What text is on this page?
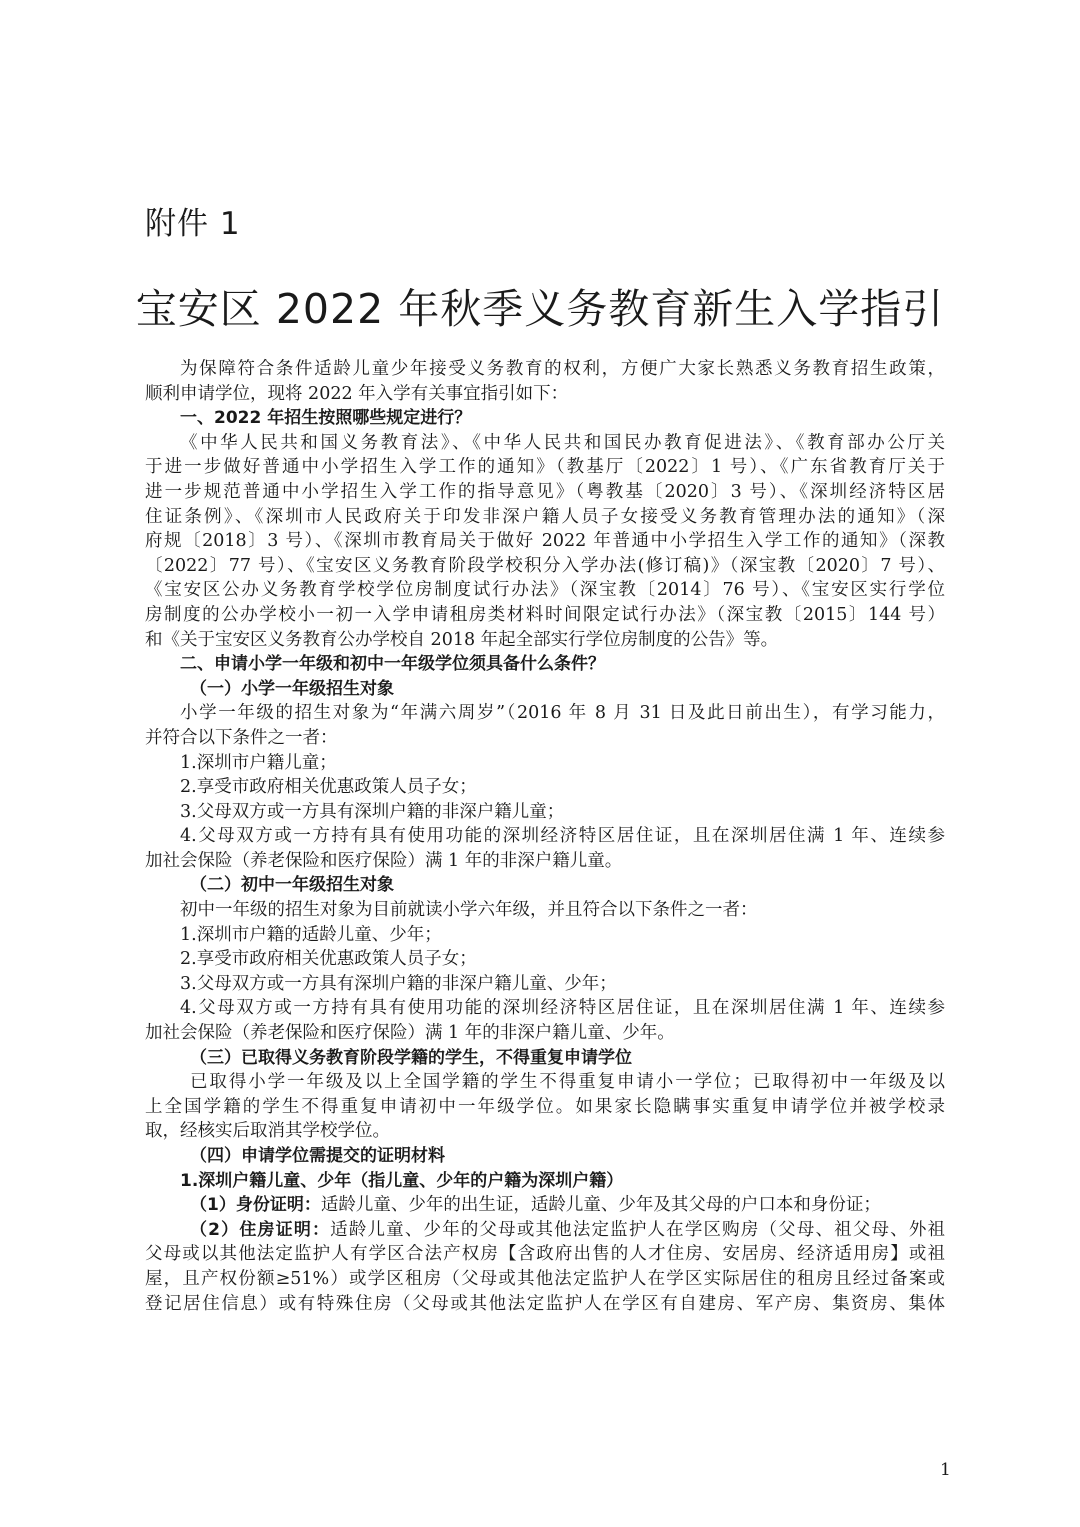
附件 1
宝安区 2022 年秋季义务教育新生入学指引
为保障符合条件适龄儿童少年接受义务教育的权利，方便广大家长熟悉义务教育招生政策，
顺利申请学位，现将 2022 年入学有关事宜指引如下：
一、2022 年招生按照哪些规定进行？
《中华人民共和国义务教育法》、《中华人民共和国民办教育促进法》、《教育部办公厅关
于进一步做好普通中小学招生入学工作的通知》（教基厅〔2022〕1 号）、《广东省教育厅关于
进一步规范普通中小学招生入学工作的指导意见》（粤教基〔2020〕3 号）、《深圳经济特区居
住证条例》、《深圳市人民政府关于印发非深户籍人员子女接受义务教育管理办法的通知》（深
府规〔2018〕3 号）、《深圳市教育局关于做好 2022 年普通中小学招生入学工作的通知》（深教
〔2022〕77 号）、《宝安区义务教育阶段学校积分入学办法(修订稿)》（深宝教〔2020〕7 号）、
《宝安区公办义务教育学校学位房制度试行办法》（深宝教〔2014〕76 号）、《宝安区实行学位
房制度的公办学校小一初一入学申请租房类材料时间限定试行办法》（深宝教〔2015〕144 号）
和《关于宝安区义务教育公办学校自 2018 年起全部实行学位房制度的公告》等。
二、申请小学一年级和初中一年级学位须具备什么条件？
（一）小学一年级招生对象
小学一年级的招生对象为“年满六周岁”（2016 年 8 月 31 日及此日前出生），有学习能力，
并符合以下条件之一者：
1.深圳市户籍儿童；
2.享受市政府相关优惠政策人员子女；
3.父母双方或一方具有深圳户籍的非深户籍儿童；
4.父母双方或一方持有具有使用功能的深圳经济特区居住证，且在深圳居住满 1 年、连续参
加社会保险（养老保险和医疗保险）满 1 年的非深户籍儿童。
（二）初中一年级招生对象
初中一年级的招生对象为目前就读小学六年级，并且符合以下条件之一者：
1.深圳市户籍的适龄儿童、少年；
2.享受市政府相关优惠政策人员子女；
3.父母双方或一方具有深圳户籍的非深户籍儿童、少年；
4.父母双方或一方持有具有使用功能的深圳经济特区居住证，且在深圳居住满 1 年、连续参
加社会保险（养老保险和医疗保险）满 1 年的非深户籍儿童、少年。
（三）已取得义务教育阶段学籍的学生，不得重复申请学位
已取得小学一年级及以上全国学籍的学生不得重复申请小一学位；已取得初中一年级及以
上全国学籍的学生不得重复申请初中一年级学位。如果家长隐瞒事实重复申请学位并被学校录
取，经核实后取消其学校学位。
（四）申请学位需提交的证明材料
1.深圳户籍儿童、少年（指儿童、少年的户籍为深圳户籍）
（1）身份证明：适龄儿童、少年的出生证，适龄儿童、少年及其父母的户口本和身份证；
（2）住房证明：适龄儿童、少年的父母或其他法定监护人在学区购房（父母、祖父母、外祖
父母或以其他法定监护人有学区合法产权房【含政府出售的人才住房、安居房、经济适用房】或祖
屋，且产权份额≥51%）或学区租房（父母或其他法定监护人在学区实际居住的租房且经过备案或
登记居住信息）或有特殊住房（父母或其他法定监护人在学区有自建房、军产房、集资房、集体
1
